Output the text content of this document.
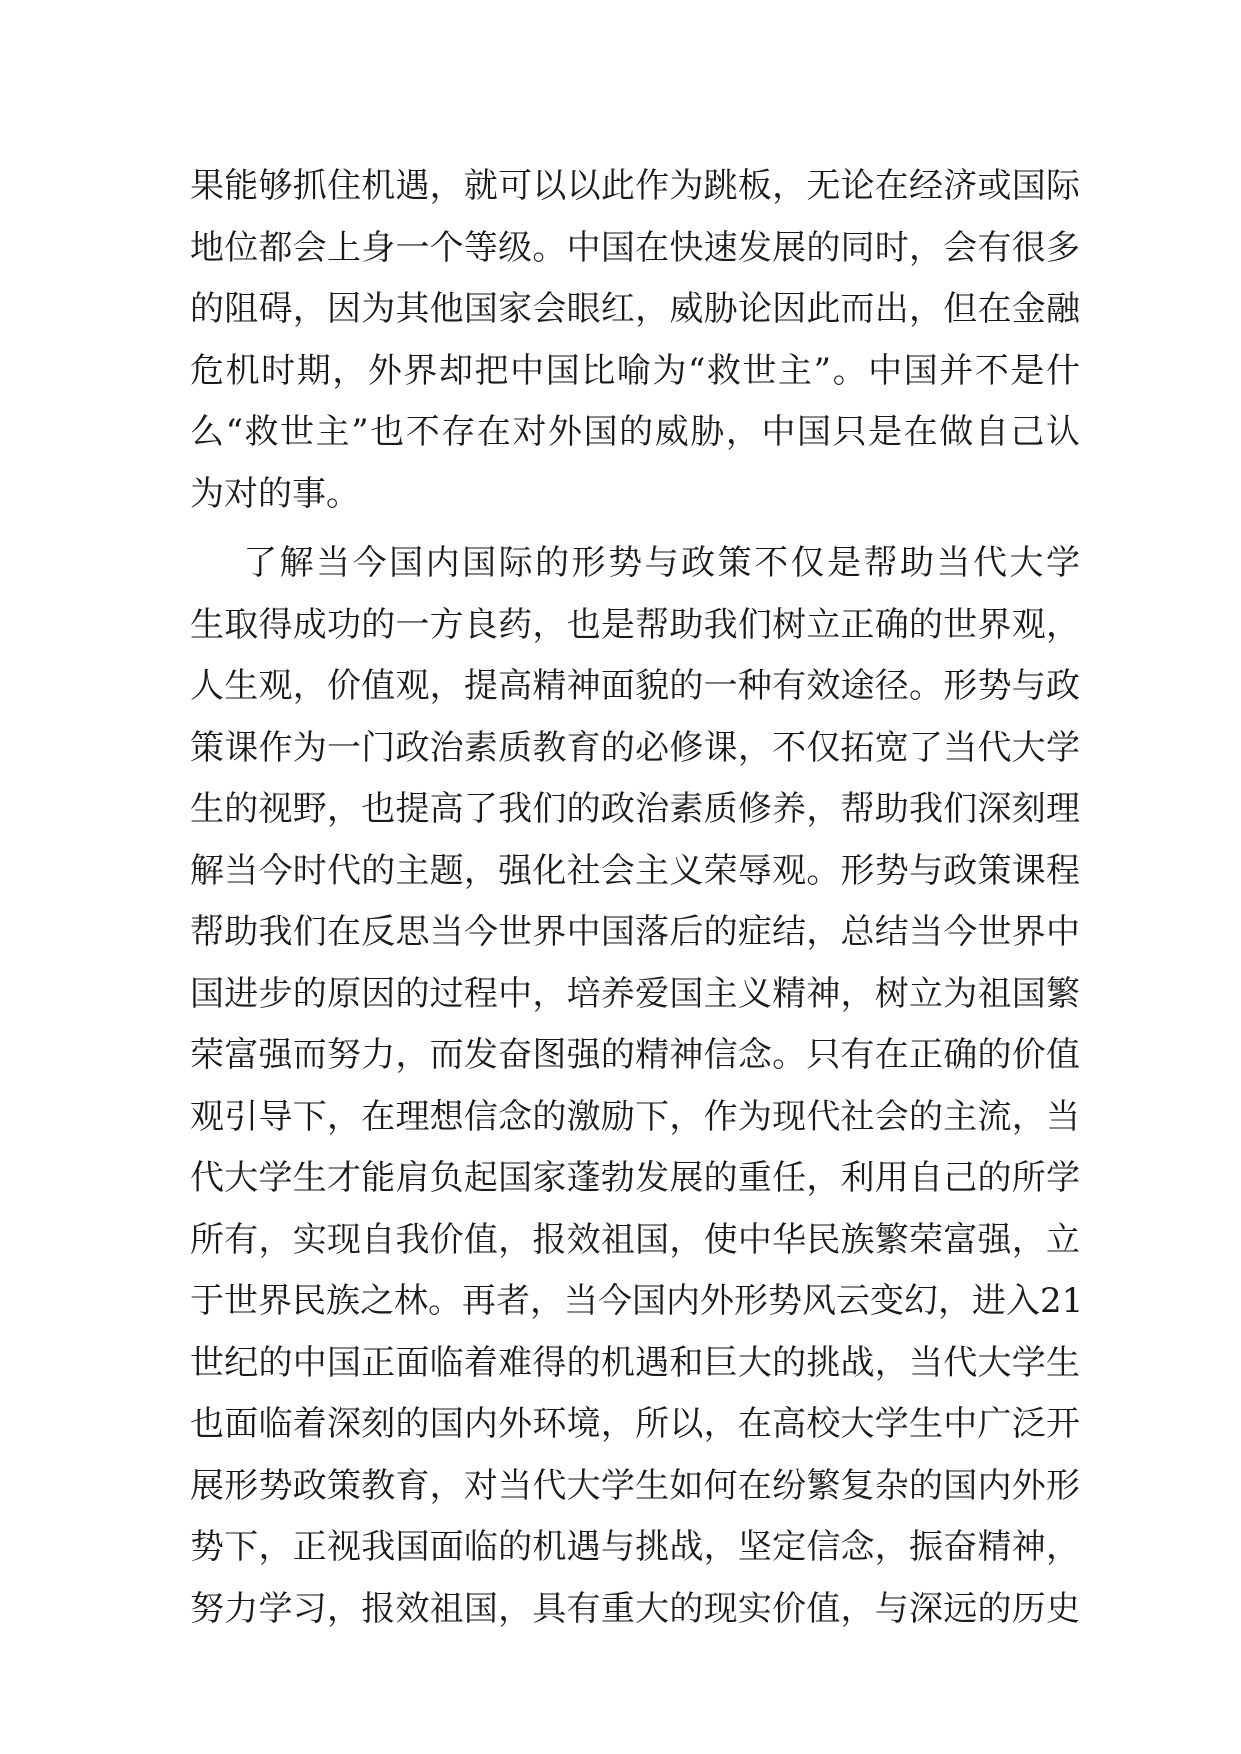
果能够抓住机遇，就可以以此作为跳板，无论在经济或国际
地位都会上身一个等级。中国在快速发展的同时，会有很多
的阻碍，因为其他国家会眼红，威胁论因此而出，但在金融
危机时期，外界却把中国比喻为“救世主”。中国并不是什
么“救世主”也不存在对外国的威胁，中国只是在做自己认
为对的事。
了解当今国内国际的形势与政策不仅是帮助当代大学
生取得成功的一方良药，也是帮助我们树立正确的世界观，
人生观，价值观，提高精神面貌的一种有效途径。形势与政
策课作为一门政治素质教育的必修课，不仅拓宽了当代大学
生的视野，也提高了我们的政治素质修养，帮助我们深刻理
解当今时代的主题，强化社会主义荣辱观。形势与政策课程
帮助我们在反思当今世界中国落后的症结，总结当今世界中
国进步的原因的过程中，培养爱国主义精神，树立为祖国繁
荣富强而努力，而发奋图强的精神信念。只有在正确的价值
观引导下，在理想信念的激励下，作为现代社会的主流，当
代大学生才能肩负起国家蓬勃发展的重任，利用自己的所学
所有，实现自我价值，报效祖国，使中华民族繁荣富强，立
于世界民族之林。再者，当今国内外形势风云变幻，进入21
世纪的中国正面临着难得的机遇和巨大的挑战，当代大学生
也面临着深刻的国内外环境，所以，在高校大学生中广泛开
展形势政策教育，对当代大学生如何在纷繁复杂的国内外形
势下，正视我国面临的机遇与挑战，坚定信念，振奋精神，
努力学习，报效祖国，具有重大的现实价值，与深远的历史
